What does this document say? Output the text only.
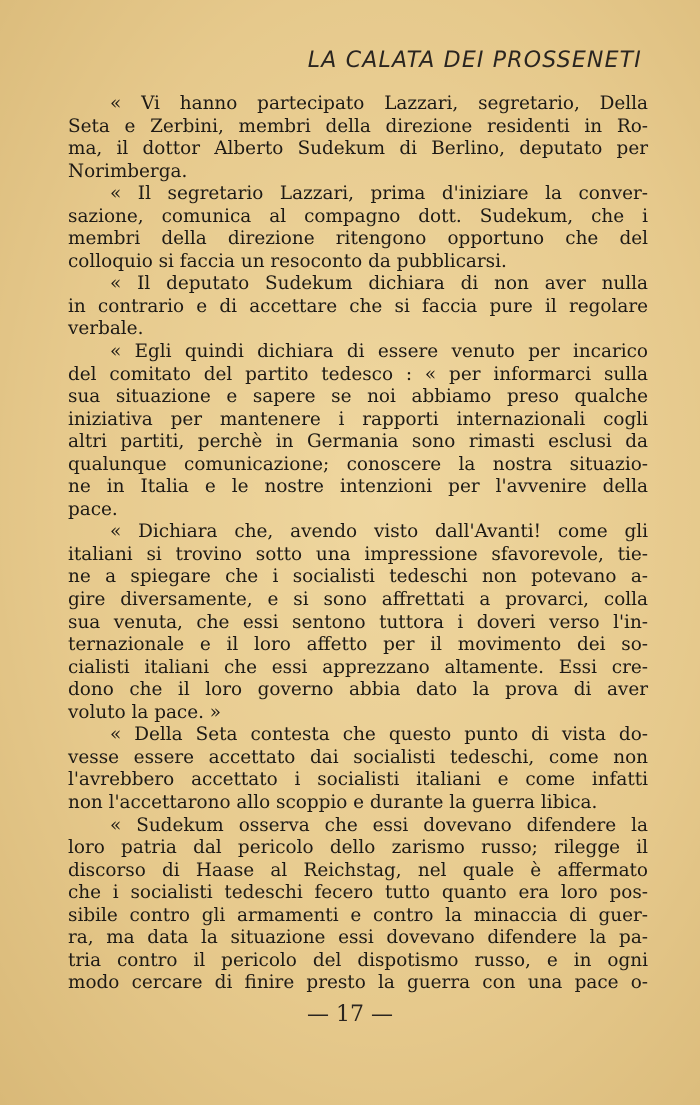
LA CALATA DEI PROSSENETI
« Vi hanno partecipato Lazzari, segretario, Della
Seta e Zerbini, membri della direzione residenti in Ro-
ma, il dottor Alberto Sudekum di Berlino, deputato per
Norimberga.
« Il segretario Lazzari, prima d'iniziare la conver-
sazione, comunica al compagno dott. Sudekum, che i
membri della direzione ritengono opportuno che del
colloquio si faccia un resoconto da pubblicarsi.
« Il deputato Sudekum dichiara di non aver nulla
in contrario e di accettare che si faccia pure il regolare
verbale.
« Egli quindi dichiara di essere venuto per incarico
del comitato del partito tedesco : « per informarci sulla
sua situazione e sapere se noi abbiamo preso qualche
iniziativa per mantenere i rapporti internazionali cogli
altri partiti, perchè in Germania sono rimasti esclusi da
qualunque comunicazione; conoscere la nostra situazio-
ne in Italia e le nostre intenzioni per l'avvenire della
pace.
« Dichiara che, avendo visto dall'Avanti! come gli
italiani si trovino sotto una impressione sfavorevole, tie-
ne a spiegare che i socialisti tedeschi non potevano a-
gire diversamente, e si sono affrettati a provarci, colla
sua venuta, che essi sentono tuttora i doveri verso l'in-
ternazionale e il loro affetto per il movimento dei so-
cialisti italiani che essi apprezzano altamente. Essi cre-
dono che il loro governo abbia dato la prova di aver
voluto la pace. »
« Della Seta contesta che questo punto di vista do-
vesse essere accettato dai socialisti tedeschi, come non
l'avrebbero accettato i socialisti italiani e come infatti
non l'accettarono allo scoppio e durante la guerra libica.
« Sudekum osserva che essi dovevano difendere la
loro patria dal pericolo dello zarismo russo; rilegge il
discorso di Haase al Reichstag, nel quale è affermato
che i socialisti tedeschi fecero tutto quanto era loro pos-
sibile contro gli armamenti e contro la minaccia di guer-
ra, ma data la situazione essi dovevano difendere la pa-
tria contro il pericolo del dispotismo russo, e in ogni
modo cercare di finire presto la guerra con una pace o-
— 17 —
